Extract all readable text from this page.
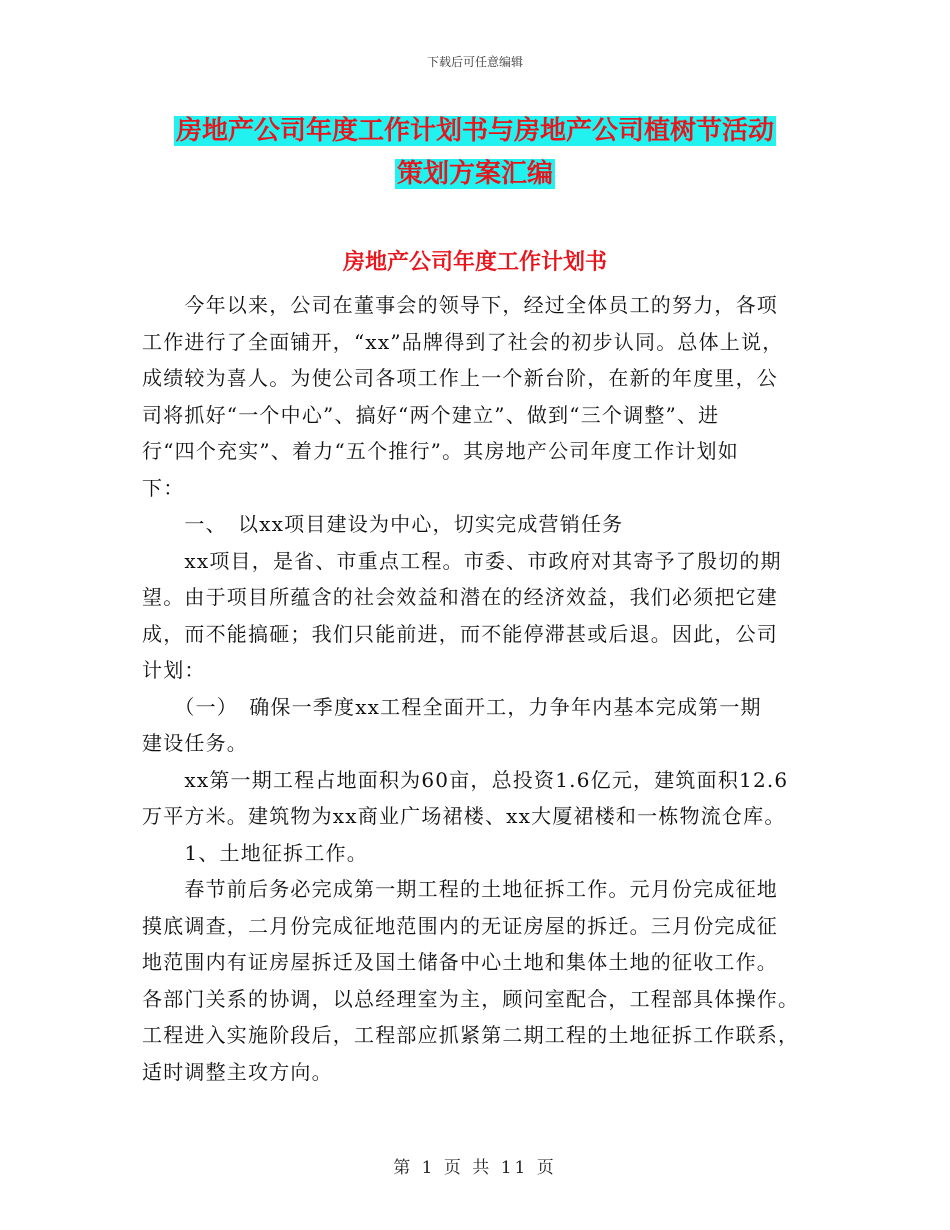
下载后可任意编辑
房地产公司年度工作计划书与房地产公司植树节活动
策划方案汇编
房地产公司年度工作计划书

　　今年以来，公司在董事会的领导下，经过全体员工的努力，各项

工作进行了全面铺开，“xx”品牌得到了社会的初步认同。总体上说，

成绩较为喜人。为使公司各项工作上一个新台阶，在新的年度里，公

司将抓好“一个中心”、搞好“两个建立”、做到“三个调整”、进

行“四个充实”、着力“五个推行”。其房地产公司年度工作计划如

下：

　　一、　以xx项目建设为中心，切实完成营销任务

　　xx项目，是省、市重点工程。市委、市政府对其寄予了殷切的期

望。由于项目所蕴含的社会效益和潜在的经济效益，我们必须把它建

成，而不能搞砸；我们只能前进，而不能停滞甚或后退。因此，公司

计划：

　　（一）　确保一季度xx工程全面开工，力争年内基本完成第一期

建设任务。

　　xx第一期工程占地面积为60亩，总投资1.6亿元，建筑面积12.6

万平方米。建筑物为xx商业广场裙楼、xx大厦裙楼和一栋物流仓库。

　　1、土地征拆工作。

　　春节前后务必完成第一期工程的土地征拆工作。元月份完成征地

摸底调查，二月份完成征地范围内的无证房屋的拆迁。三月份完成征

地范围内有证房屋拆迁及国土储备中心土地和集体土地的征收工作。

各部门关系的协调，以总经理室为主，顾问室配合，工程部具体操作。

工程进入实施阶段后，工程部应抓紧第二期工程的土地征拆工作联系，

适时调整主攻方向。

第 1 页 共 11 页
